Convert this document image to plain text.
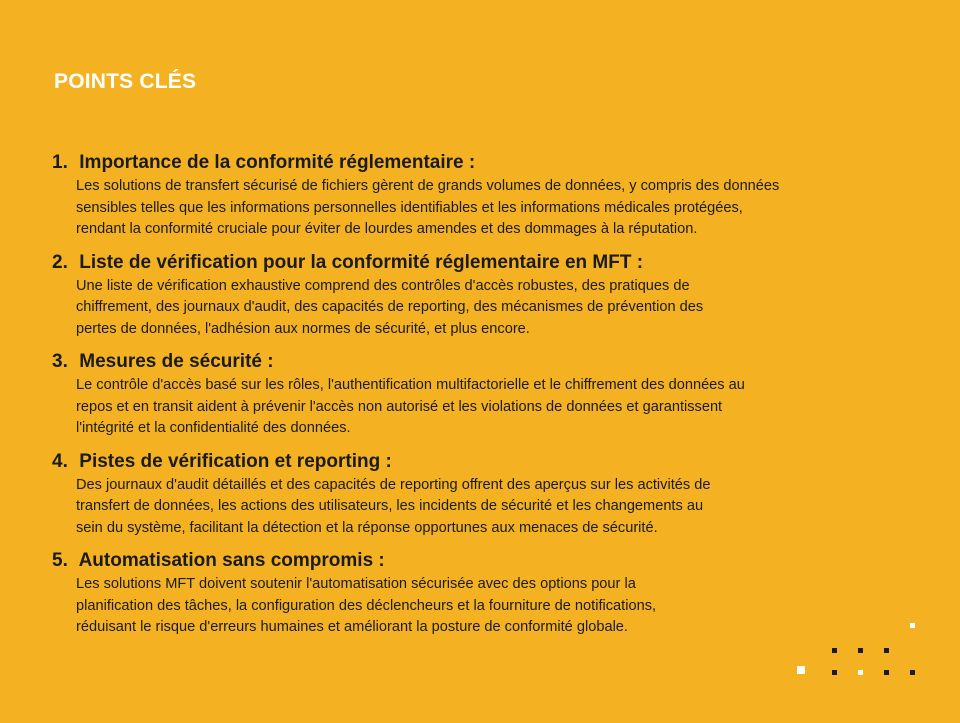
POINTS CLÉS
1. Importance de la conformité réglementaire :
Les solutions de transfert sécurisé de fichiers gèrent de grands volumes de données, y compris des données
sensibles telles que les informations personnelles identifiables et les informations médicales protégées,
rendant la conformité cruciale pour éviter de lourdes amendes et des dommages à la réputation.
2. Liste de vérification pour la conformité réglementaire en MFT :
Une liste de vérification exhaustive comprend des contrôles d'accès robustes, des pratiques de
chiffrement, des journaux d'audit, des capacités de reporting, des mécanismes de prévention des
pertes de données, l'adhésion aux normes de sécurité, et plus encore.
3. Mesures de sécurité :
Le contrôle d'accès basé sur les rôles, l'authentification multifactorielle et le chiffrement des données au
repos et en transit aident à prévenir l'accès non autorisé et les violations de données et garantissent
l'intégrité et la confidentialité des données.
4. Pistes de vérification et reporting :
Des journaux d'audit détaillés et des capacités de reporting offrent des aperçus sur les activités de
transfert de données, les actions des utilisateurs, les incidents de sécurité et les changements au
sein du système, facilitant la détection et la réponse opportunes aux menaces de sécurité.
5. Automatisation sans compromis :
Les solutions MFT doivent soutenir l'automatisation sécurisée avec des options pour la
planification des tâches, la configuration des déclencheurs et la fourniture de notifications,
réduisant le risque d'erreurs humaines et améliorant la posture de conformité globale.
